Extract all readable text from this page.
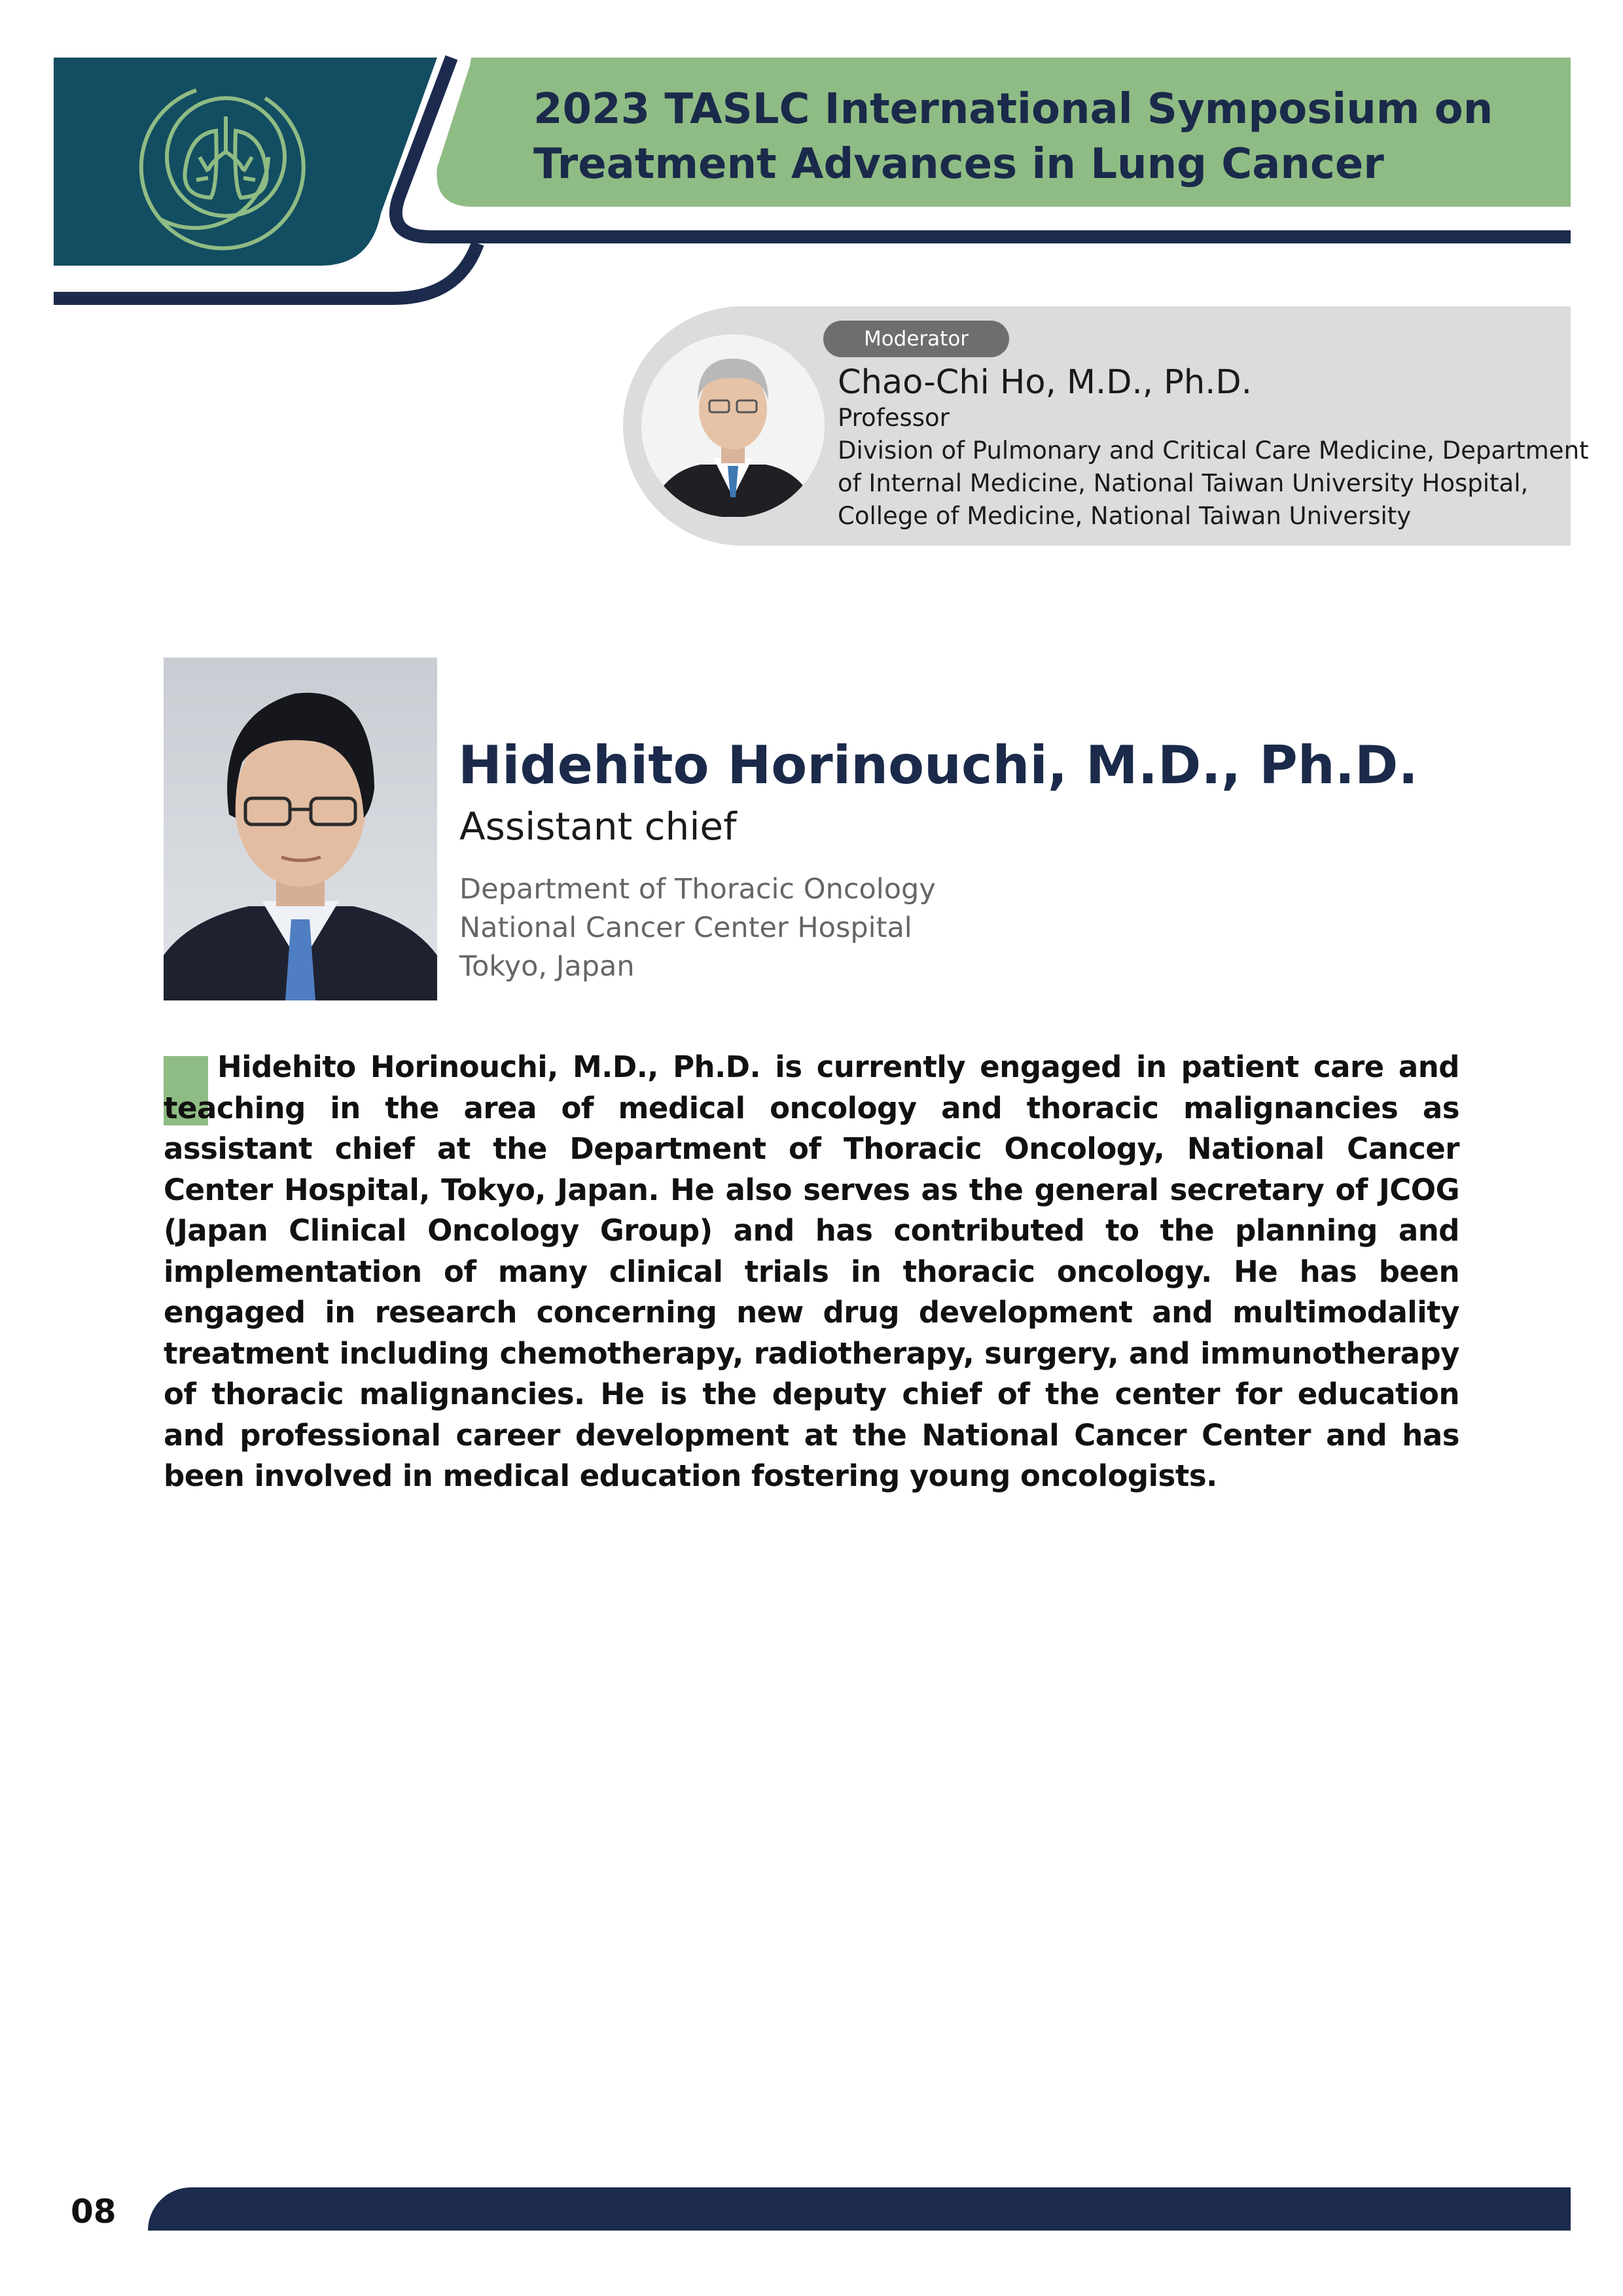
2023 TASLC International Symposium on
Treatment Advances in Lung Cancer
Moderator
Chao-Chi Ho, M.D., Ph.D.
Professor
Division of Pulmonary and Critical Care Medicine, Department
of Internal Medicine, National Taiwan University Hospital,
College of Medicine, National Taiwan University
Hidehito Horinouchi, M.D., Ph.D.
Assistant chief
Department of Thoracic Oncology
National Cancer Center Hospital
Tokyo, Japan
Hidehito Horinouchi, M.D., Ph.D. is currently engaged in patient care and teaching in the area of medical oncology and thoracic malignancies as assistant chief at the Department of Thoracic Oncology, National Cancer Center Hospital, Tokyo, Japan. He also serves as the general secretary of JCOG (Japan Clinical Oncology Group) and has contributed to the planning and implementation of many clinical trials in thoracic oncology. He has been engaged in research concerning new drug development and multimodality treatment including chemotherapy, radiotherapy, surgery, and immunotherapy of thoracic malignancies. He is the deputy chief of the center for education and professional career development at the National Cancer Center and has been involved in medical education fostering young oncologists.
08
